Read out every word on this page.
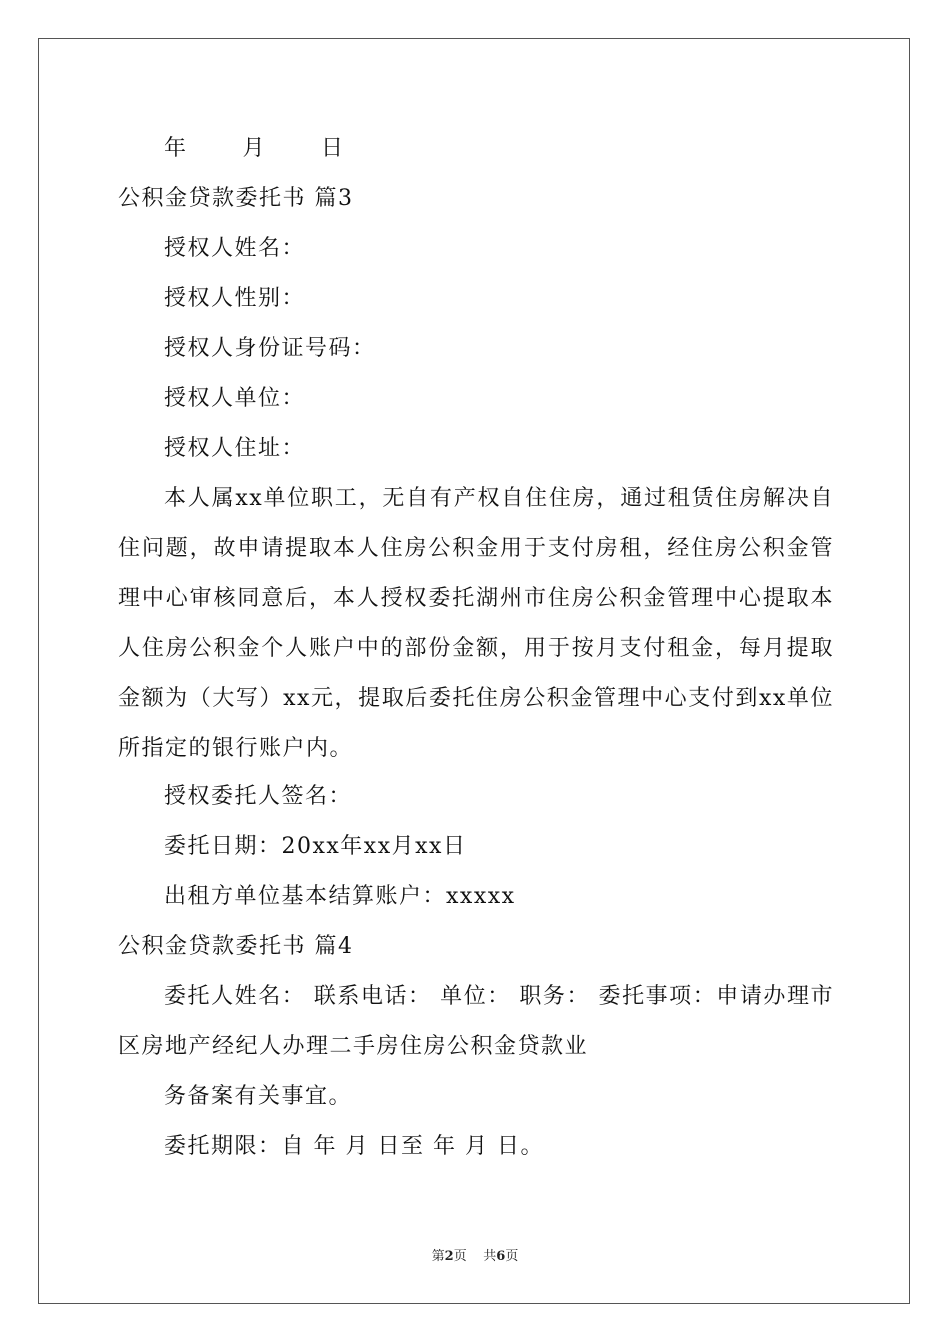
年	月	日
公积金贷款委托书 篇3
授权人姓名：
授权人性别：
授权人身份证号码：
授权人单位：
授权人住址：
本人属xx单位职工，无自有产权自住住房，通过租赁住房解决自住问题，故申请提取本人住房公积金用于支付房租，经住房公积金管理中心审核同意后，本人授权委托湖州市住房公积金管理中心提取本人住房公积金个人账户中的部份金额，用于按月支付租金，每月提取金额为（大写）xx元，提取后委托住房公积金管理中心支付到xx单位所指定的银行账户内。
授权委托人签名：
委托日期：20xx年xx月xx日
出租方单位基本结算账户：xxxxx
公积金贷款委托书 篇4
委托人姓名： 联系电话： 单位： 职务： 委托事项：申请办理市区房地产经纪人办理二手房住房公积金贷款业
务备案有关事宜。
委托期限：自 年 月 日至 年 月 日。
第2页 共6页
